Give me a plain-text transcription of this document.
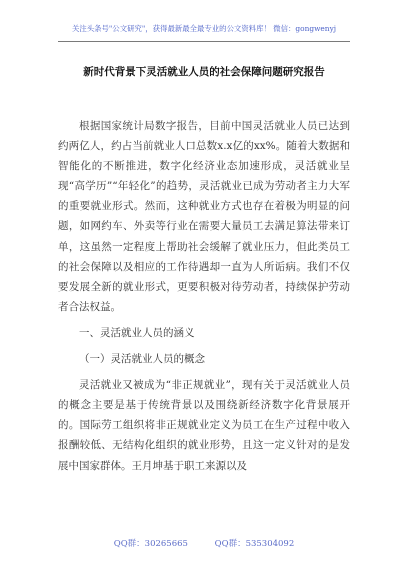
关注头条号"公文研究"，获得最新最全最专业的公文资料库！ 微信：gongwenyj
新时代背景下灵活就业人员的社会保障问题研究报告

根据国家统计局数字报告，目前中国灵活就业人员已达到约两亿人，约占当前就业人口总数x.x亿的xx%。随着大数据和智能化的不断推进，数字化经济业态加速形成，灵活就业呈现“高学历”“年轻化”的趋势，灵活就业已成为劳动者主力大军的重要就业形式。然而，这种就业方式也存在着极为明显的问题，如网约车、外卖等行业在需要大量员工去满足算法带来订单，这虽然一定程度上帮助社会缓解了就业压力，但此类员工的社会保障以及相应的工作待遇却一直为人所诟病。我们不仅要发展全新的就业形式，更要积极对待劳动者，持续保护劳动者合法权益。

一、灵活就业人员的涵义

（一）灵活就业人员的概念

灵活就业又被成为“非正规就业”，现有关于灵活就业人员的概念主要是基于传统背景以及围绕新经济数字化背景展开的。国际劳工组织将非正规就业定义为员工在生产过程中收入报酬较低、无结构化组织的就业形势，且这一定义针对的是发展中国家群体。王月坤基于职工来源以及

QQ群：30265665	QQ群：535304092
